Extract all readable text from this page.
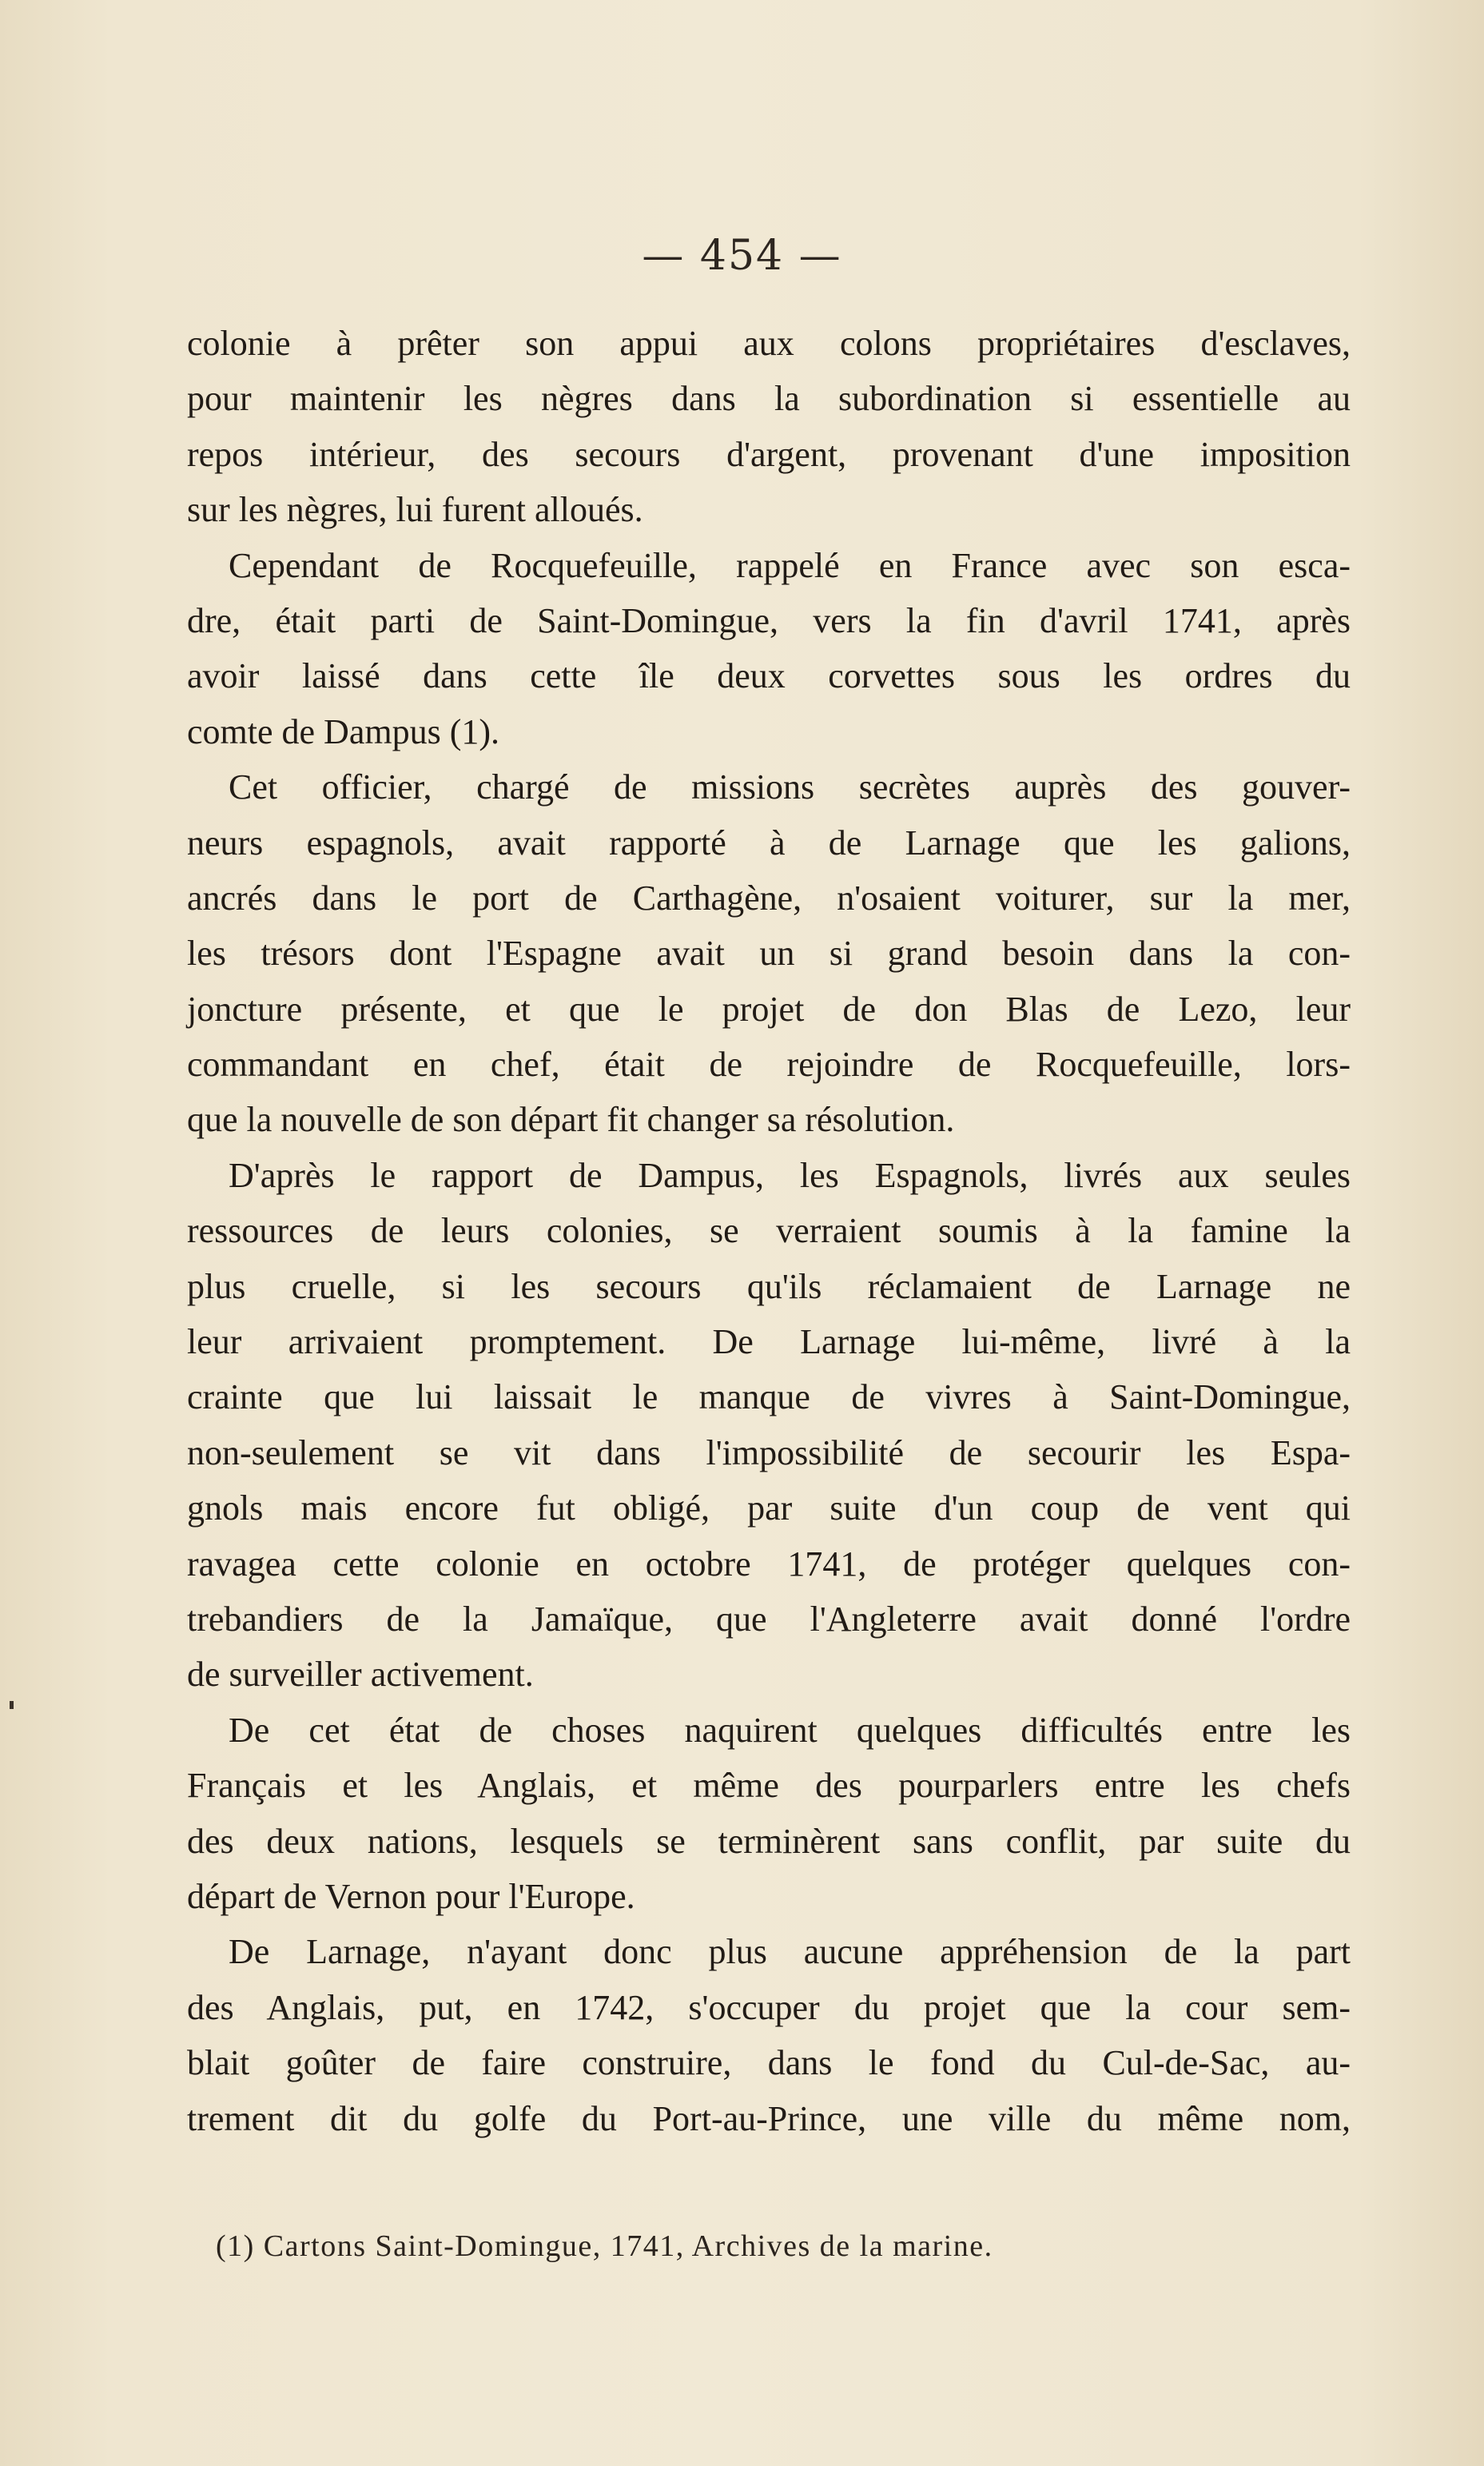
— 454 —
colonie à prêter son appui aux colons propriétaires d'esclaves,
pour maintenir les nègres dans la subordination si essentielle au
repos intérieur, des secours d'argent, provenant d'une imposition
sur les nègres, lui furent alloués.
Cependant de Rocquefeuille, rappelé en France avec son esca-
dre, était parti de Saint-Domingue, vers la fin d'avril 1741, après
avoir laissé dans cette île deux corvettes sous les ordres du
comte de Dampus (1).
Cet officier, chargé de missions secrètes auprès des gouver-
neurs espagnols, avait rapporté à de Larnage que les galions,
ancrés dans le port de Carthagène, n'osaient voiturer, sur la mer,
les trésors dont l'Espagne avait un si grand besoin dans la con-
joncture présente, et que le projet de don Blas de Lezo, leur
commandant en chef, était de rejoindre de Rocquefeuille, lors-
que la nouvelle de son départ fit changer sa résolution.
D'après le rapport de Dampus, les Espagnols, livrés aux seules
ressources de leurs colonies, se verraient soumis à la famine la
plus cruelle, si les secours qu'ils réclamaient de Larnage ne
leur arrivaient promptement. De Larnage lui-même, livré à la
crainte que lui laissait le manque de vivres à Saint-Domingue,
non-seulement se vit dans l'impossibilité de secourir les Espa-
gnols mais encore fut obligé, par suite d'un coup de vent qui
ravagea cette colonie en octobre 1741, de protéger quelques con-
trebandiers de la Jamaïque, que l'Angleterre avait donné l'ordre
de surveiller activement.
De cet état de choses naquirent quelques difficultés entre les
Français et les Anglais, et même des pourparlers entre les chefs
des deux nations, lesquels se terminèrent sans conflit, par suite du
départ de Vernon pour l'Europe.
De Larnage, n'ayant donc plus aucune appréhension de la part
des Anglais, put, en 1742, s'occuper du projet que la cour sem-
blait goûter de faire construire, dans le fond du Cul-de-Sac, au-
trement dit du golfe du Port-au-Prince, une ville du même nom,
(1) Cartons Saint-Domingue, 1741, Archives de la marine.
